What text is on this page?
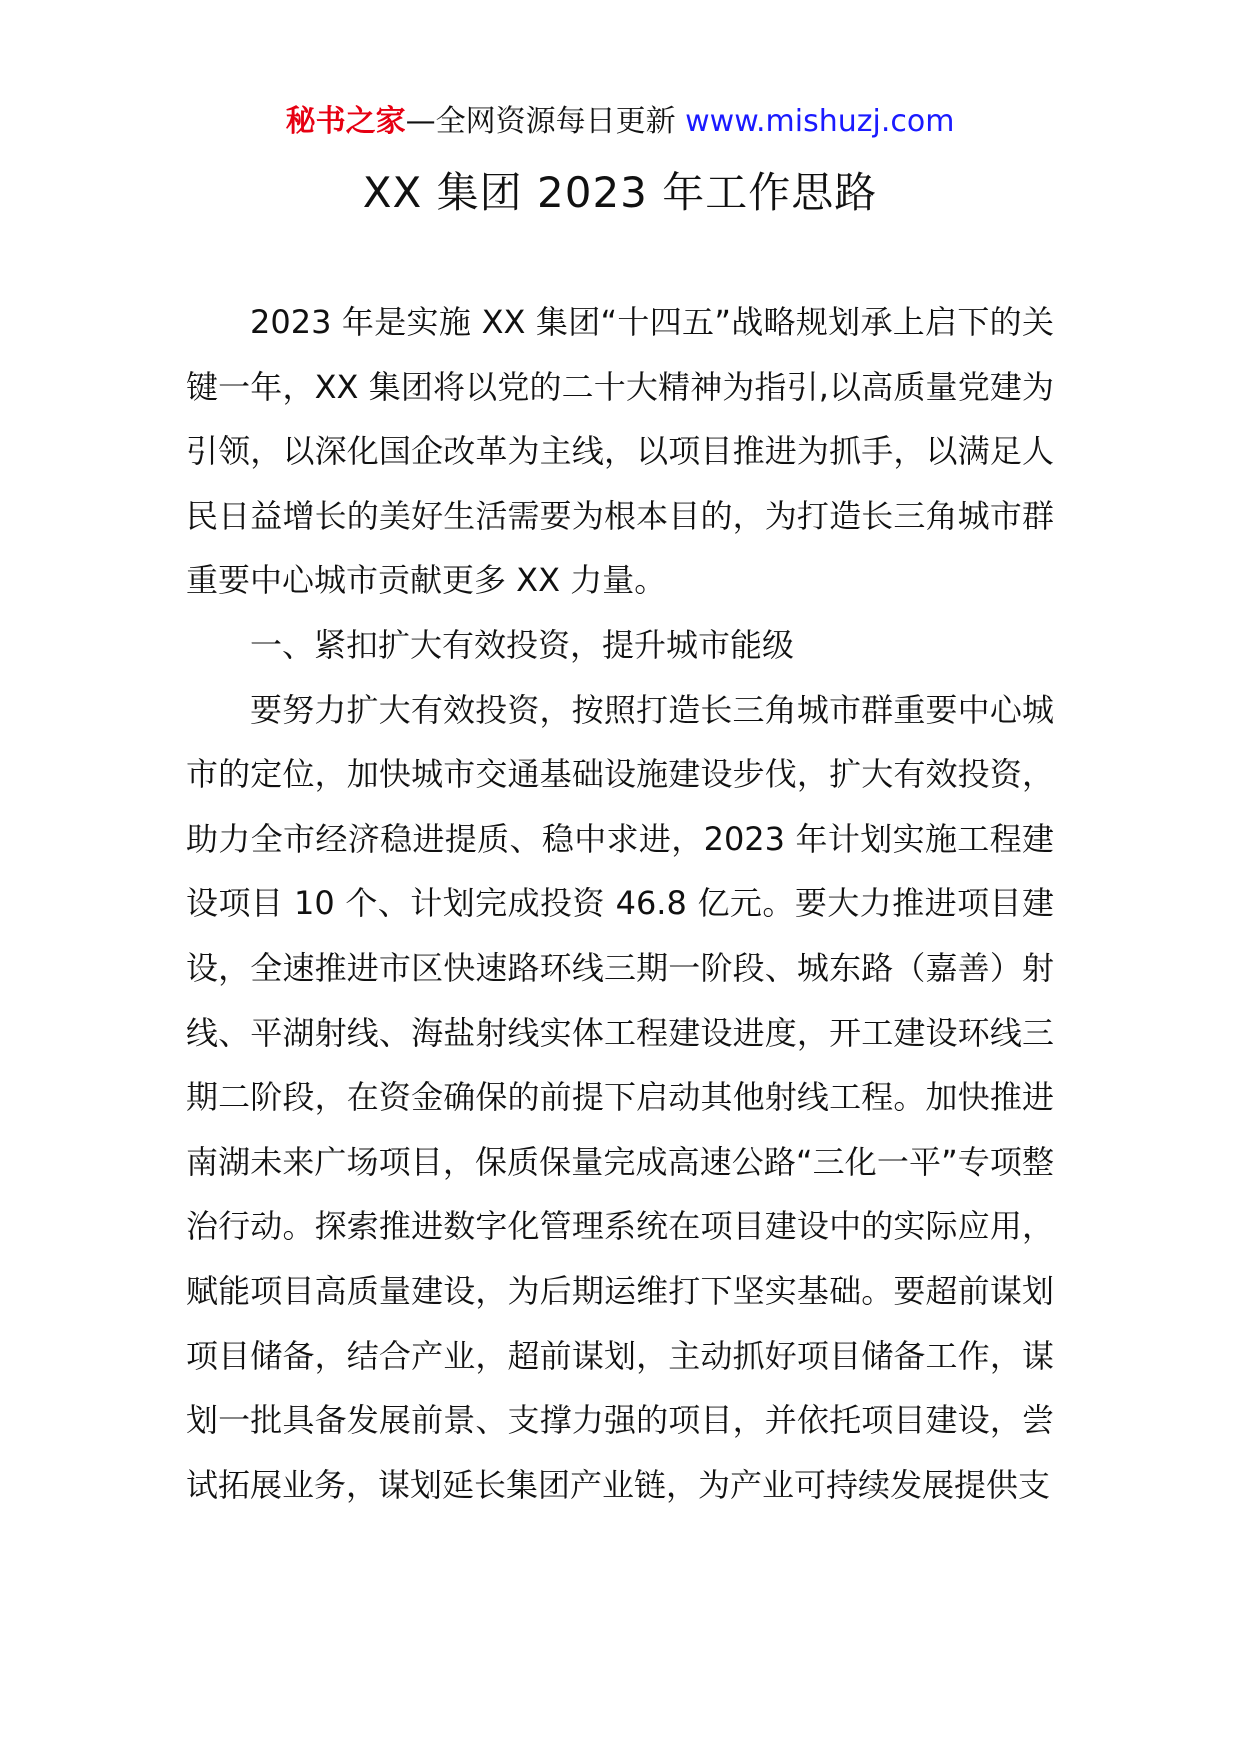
秘书之家—全网资源每日更新 www.mishuzj.com
XX 集团 2023 年工作思路

2023 年是实施 XX 集团“十四五”战略规划承上启下的关键一年，XX 集团将以党的二十大精神为指引,以高质量党建为引领，以深化国企改革为主线，以项目推进为抓手，以满足人民日益增长的美好生活需要为根本目的，为打造长三角城市群重要中心城市贡献更多 XX 力量。

一、紧扣扩大有效投资，提升城市能级

要努力扩大有效投资，按照打造长三角城市群重要中心城市的定位，加快城市交通基础设施建设步伐，扩大有效投资，助力全市经济稳进提质、稳中求进，2023 年计划实施工程建设项目 10 个、计划完成投资 46.8 亿元。要大力推进项目建设，全速推进市区快速路环线三期一阶段、城东路（嘉善）射线、平湖射线、海盐射线实体工程建设进度，开工建设环线三期二阶段，在资金确保的前提下启动其他射线工程。加快推进南湖未来广场项目，保质保量完成高速公路“三化一平”专项整治行动。探索推进数字化管理系统在项目建设中的实际应用，赋能项目高质量建设，为后期运维打下坚实基础。要超前谋划项目储备，结合产业，超前谋划，主动抓好项目储备工作，谋划一批具备发展前景、支撑力强的项目，并依托项目建设，尝试拓展业务，谋划延长集团产业链，为产业可持续发展提供支
